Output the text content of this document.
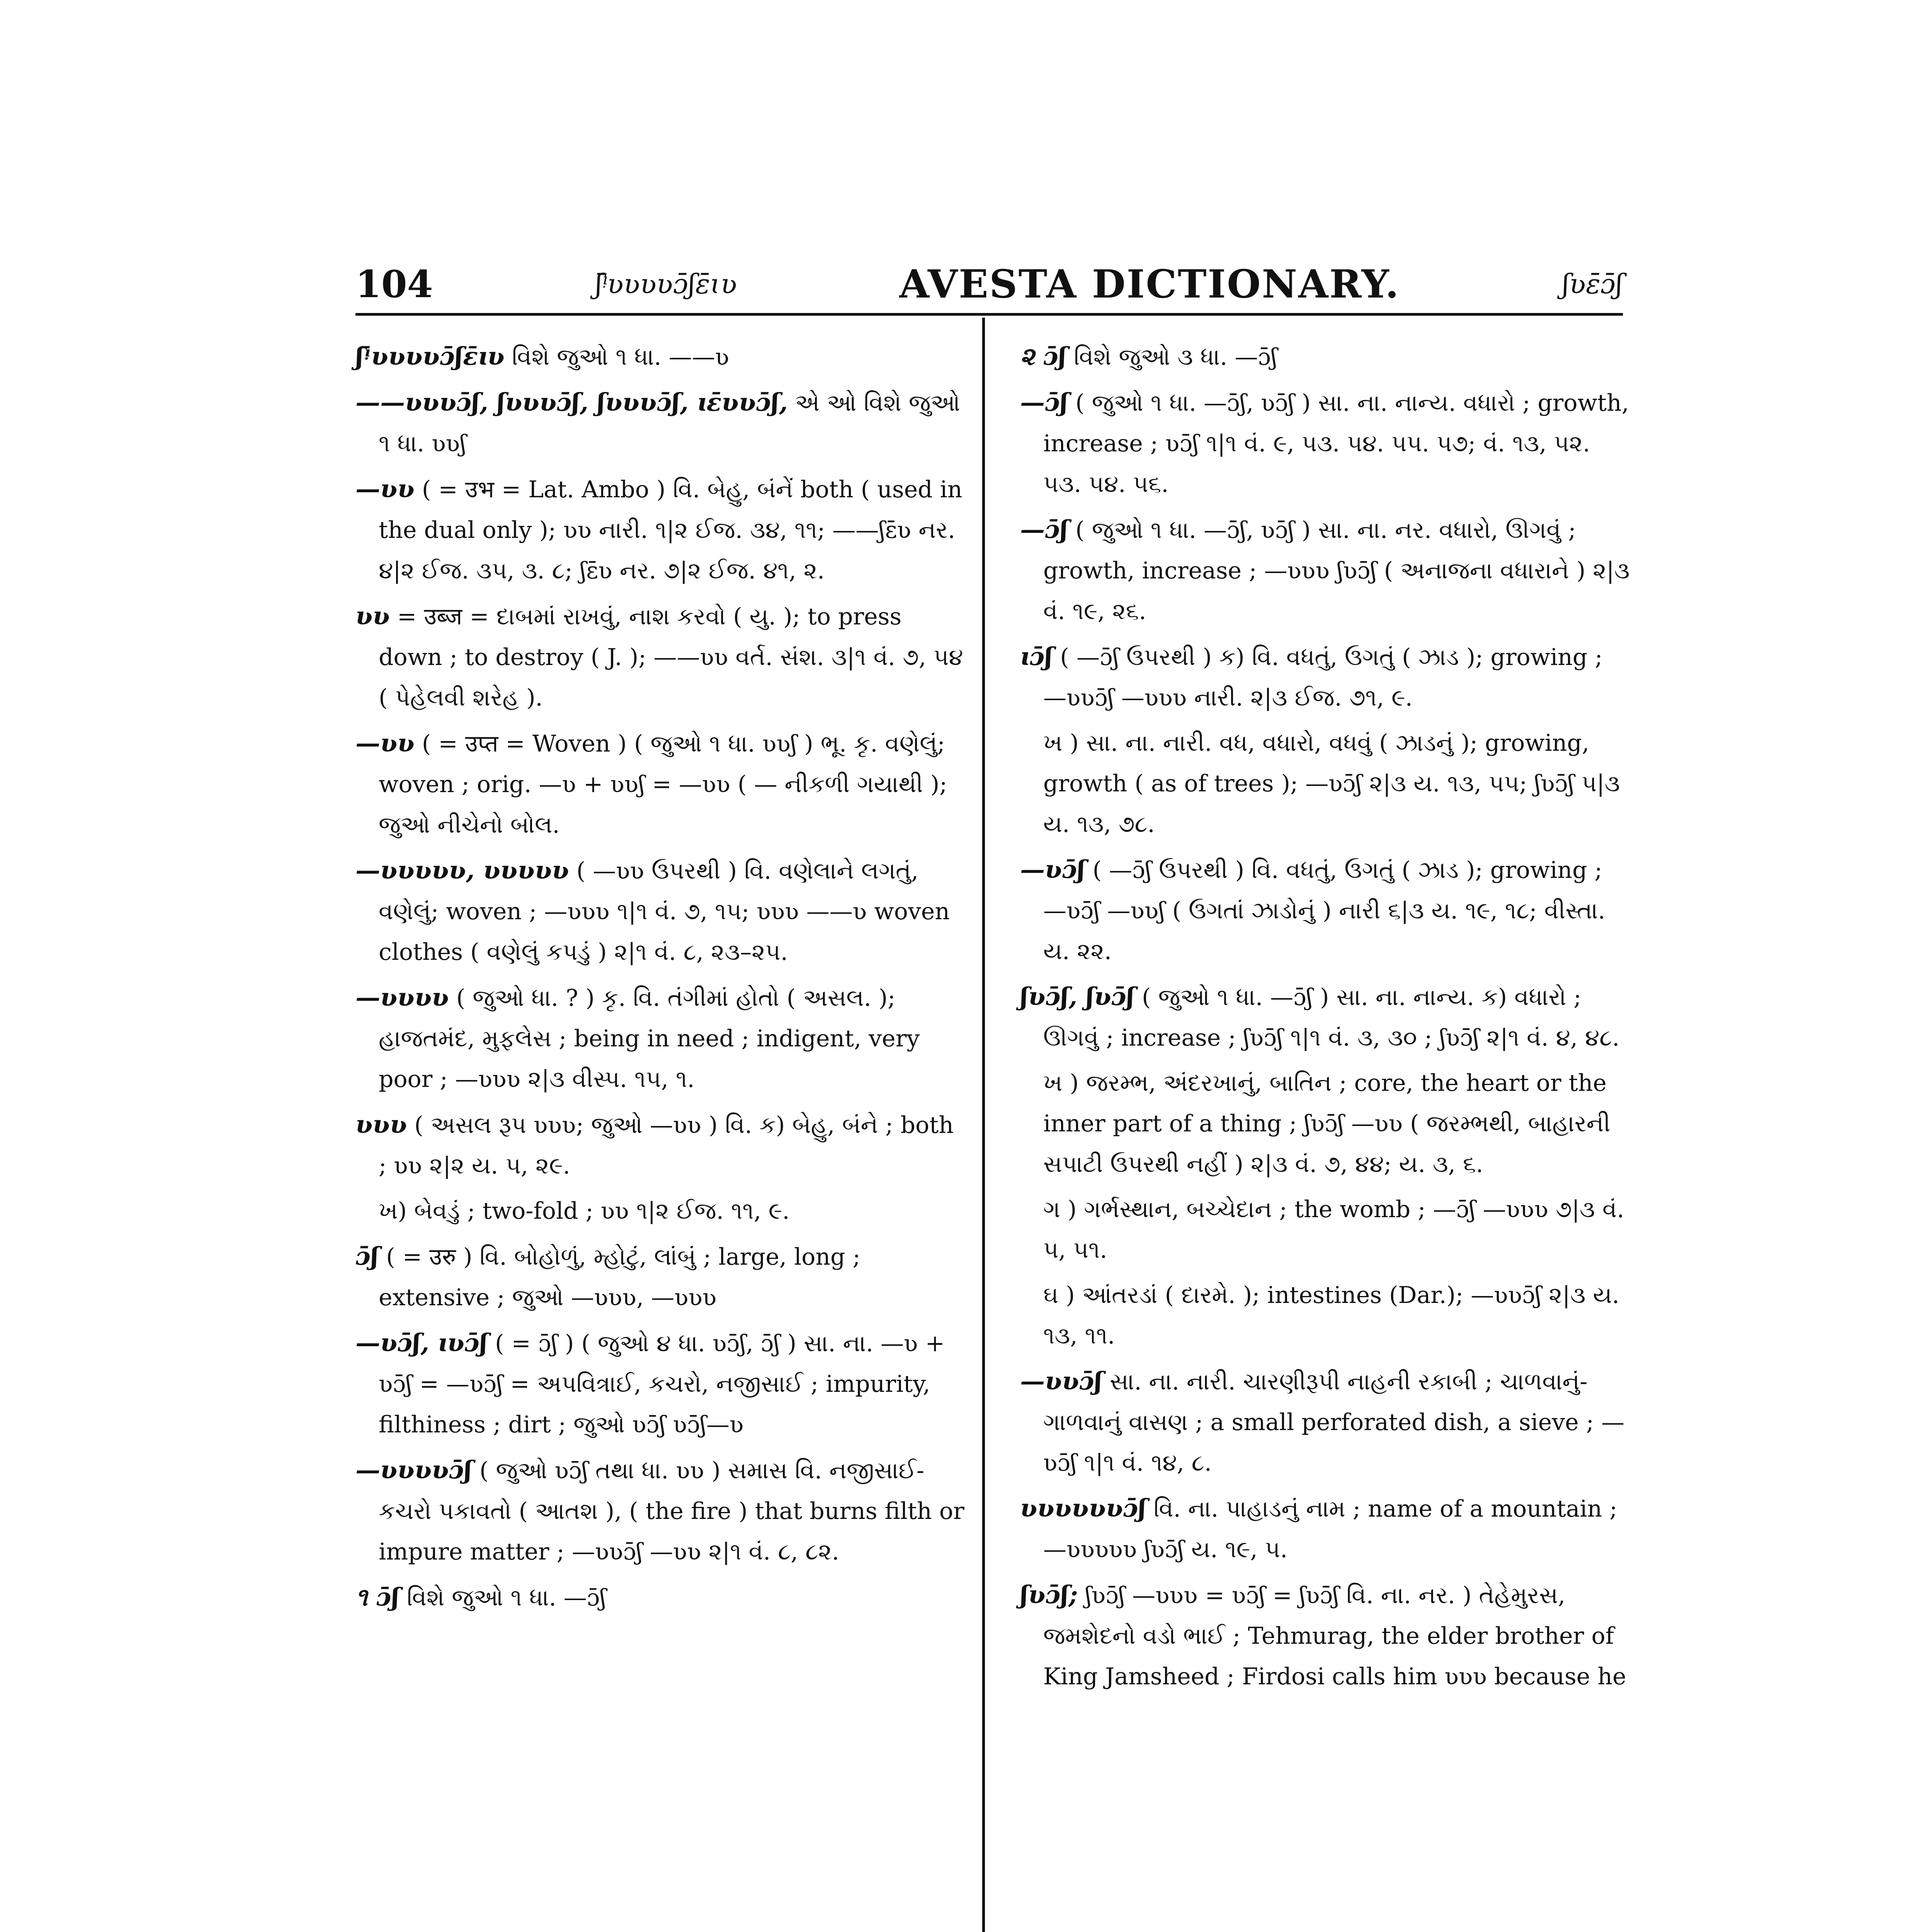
104	ʃᵎ̄ʋʋʋʋɔ̄ʃɛ̄ɩʋ	AVESTA DICTIONARY.	ʃʋɛ̄ɔ̄ʃ

ʃᵎ̄ʋʋʋʋɔ̄ʃɛ̄ɩʋ વિશે જુઓ ૧ ધા. ——ʋ

——ʋʋʋɔ̄ʃ, ʃʋʋʋɔ̄ʃ, ʃʋʋʋɔ̄ʃ, ɩɛ̄ʋʋɔ̄ʃ, એ ઓ વિશે જુઓ ૧ ધા. ʋʋʃ

—ʋʋ ( = उभ = Lat. Ambo ) વિ. બેહુ, બંનેં both ( used in the dual only ); ʋʋ નારી. ૧|૨ ઈજ. ૩૪, ૧૧; ——ʃɛ̄ʋ નર. ૪|૨ ઈજ. ૩૫, ૩. ૮; ʃɛ̄ʋ નર. ૭|૨ ઈજ. ૪૧, ૨.

ʋʋ = उब्ज = દાબમાં રાખવું, નાશ કરવો ( યુ. ); to press down ; to destroy ( J. ); ——ʋʋ વર્ત. સંશ. ૩|૧ વં. ૭, ૫૪ ( પેહેલવી શરેહ ).

—ʋʋ ( = उप्त = Woven ) ( જુઓ ૧ ધા. ʋʋʃ ) ભૂ. કૃ. વણેલું; woven ; orig. —ʋ + ʋʋʃ = —ʋʋ ( — નીકળી ગયાથી ); જુઓ નીચેનો બોલ.

—ʋʋʋʋʋ, ʋʋʋʋʋ ( —ʋʋ ઉપરથી ) વિ. વણેલાને લગતું, વણેલું; woven ; —ʋʋʋ ૧|૧ વં. ૭, ૧૫; ʋʋʋ ——ʋ woven clothes ( વણેલું કપડું ) ૨|૧ વં. ૮, ૨૩–૨૫.

—ʋʋʋʋ ( જુઓ ધા. ? ) કૃ. વિ. તંગીમાં હોતો ( અસલ. ); હાજતમંદ, મુફલેસ ; being in need ; indigent, very poor ; —ʋʋʋ ૨|૩ વીસ્પ. ૧૫, ૧.

ʋʋʋ ( અસલ રૂપ ʋʋʋ; જુઓ —ʋʋ ) વિ. ક) બેહુ, બંને ; both ; ʋʋ ૨|૨ ય. ૫, ૨૯.

ખ) બેવડું ; two-fold ; ʋʋ ૧|૨ ઈજ. ૧૧, ૯.

ɔ̄ʃ ( = उरु ) વિ. બોહોળું, મ્હોટું, લાંબું ; large, long ; extensive ; જુઓ —ʋʋʋ, —ʋʋʋ

—ʋɔ̄ʃ, ɩʋɔ̄ʃ ( = ɔ̄ʃ ) ( જુઓ ૪ ધા. ʋɔ̄ʃ, ɔ̄ʃ ) સા. ના. —ʋ + ʋɔ̄ʃ = —ʋɔ̄ʃ = અપવિત્રાઈ, કચરો, નજીસાઈ ; impurity, filthiness ; dirt ; જુઓ ʋɔ̄ʃ ʋɔ̄ʃ—ʋ

—ʋʋʋʋɔ̄ʃ ( જુઓ ʋɔ̄ʃ તથા ધા. ʋʋ ) સમાસ વિ. નજીસાઈ-કચરો પકાવતો ( આતશ ), ( the fire ) that burns filth or impure matter ; —ʋʋɔ̄ʃ —ʋʋ ૨|૧ વં. ૮, ૮૨.

૧ ɔ̄ʃ વિશે જુઓ ૧ ધા. —ɔ̄ʃ

૨ ɔ̄ʃ વિશે જુઓ ૩ ધા. —ɔ̄ʃ

—ɔ̄ʃ ( જુઓ ૧ ધા. —ɔ̄ʃ, ʋɔ̄ʃ ) સા. ના. નાન્ય. વધારો ; growth, increase ; ʋɔ̄ʃ ૧|૧ વં. ૯, ૫૩. ૫૪. ૫૫. ૫૭; વં. ૧૩, ૫૨. ૫૩. ૫૪. ૫૬.

—ɔ̄ʃ ( જુઓ ૧ ધા. —ɔ̄ʃ, ʋɔ̄ʃ ) સા. ના. નર. વધારો, ઊગવું ; growth, increase ; —ʋʋʋ ʃʋɔ̄ʃ ( અનાજના વધારાને ) ૨|૩ વં. ૧૯, ૨૬.

ɩɔ̄ʃ ( —ɔ̄ʃ ઉપરથી ) ક) વિ. વધતું, ઉગતું ( ઝાડ ); growing ; —ʋʋɔ̄ʃ —ʋʋʋ નારી. ૨|૩ ઈજ. ૭૧, ૯.

ખ ) સા. ના. નારી. વધ, વધારો, વધવું ( ઝાડનું ); growing, growth ( as of trees ); —ʋɔ̄ʃ ૨|૩ ય. ૧૩, ૫૫; ʃʋɔ̄ʃ ૫|૩ ય. ૧૩, ૭૮.

—ʋɔ̄ʃ ( —ɔ̄ʃ ઉપરથી ) વિ. વધતું, ઉગતું ( ઝાડ ); growing ; —ʋɔ̄ʃ —ʋʋʃ ( ઉગતાં ઝાડોનું ) નારી ૬|૩ ય. ૧૯, ૧૮; વીસ્તા. ય. ૨૨.

ʃʋɔ̄ʃ, ʃʋɔ̄ʃ ( જુઓ ૧ ધા. —ɔ̄ʃ ) સા. ના. નાન્ય. ક) વધારો ; ઊગવું ; increase ; ʃʋɔ̄ʃ ૧|૧ વં. ૩, ૩૦ ; ʃʋɔ̄ʃ ૨|૧ વં. ૪, ૪૮.

ખ ) જરમ્ભ, અંદરખાનું, બાતિન ; core, the heart or the inner part of a thing ; ʃʋɔ̄ʃ —ʋʋ ( જરમ્ભથી, બાહારની સપાટી ઉપરથી નહીં ) ૨|૩ વં. ૭, ૪૪; ય. ૩, ૬.

ગ ) ગર્ભસ્થાન, બચ્ચેદાન ; the womb ; —ɔ̄ʃ —ʋʋʋ ૭|૩ વં. ૫, ૫૧.

ઘ ) આંતરડાં ( દારમે. ); intestines (Dar.); —ʋʋɔ̄ʃ ૨|૩ ય. ૧૩, ૧૧.

—ʋʋɔ̄ʃ સા. ના. નારી. ચારણીરૂપી નાહની રકાબી ; ચાળવાનું-ગાળવાનું વાસણ ; a small perforated dish, a sieve ; —ʋɔ̄ʃ ૧|૧ વં. ૧૪, ૮.

ʋʋʋʋʋʋɔ̄ʃ વિ. ના. પાહાડનું નામ ; name of a mountain ; —ʋʋʋʋʋ ʃʋɔ̄ʃ ય. ૧૯, ૫.

ʃʋɔ̄ʃ; ʃʋɔ̄ʃ —ʋʋʋ = ʋɔ̄ʃ = ʃʋɔ̄ʃ વિ. ના. નર. ) તેહેમુરસ, જમશેદનો વડો ભાઈ ; Tehmurag, the elder brother of King Jamsheed ; Firdosi calls him ʋʋʋ because he
